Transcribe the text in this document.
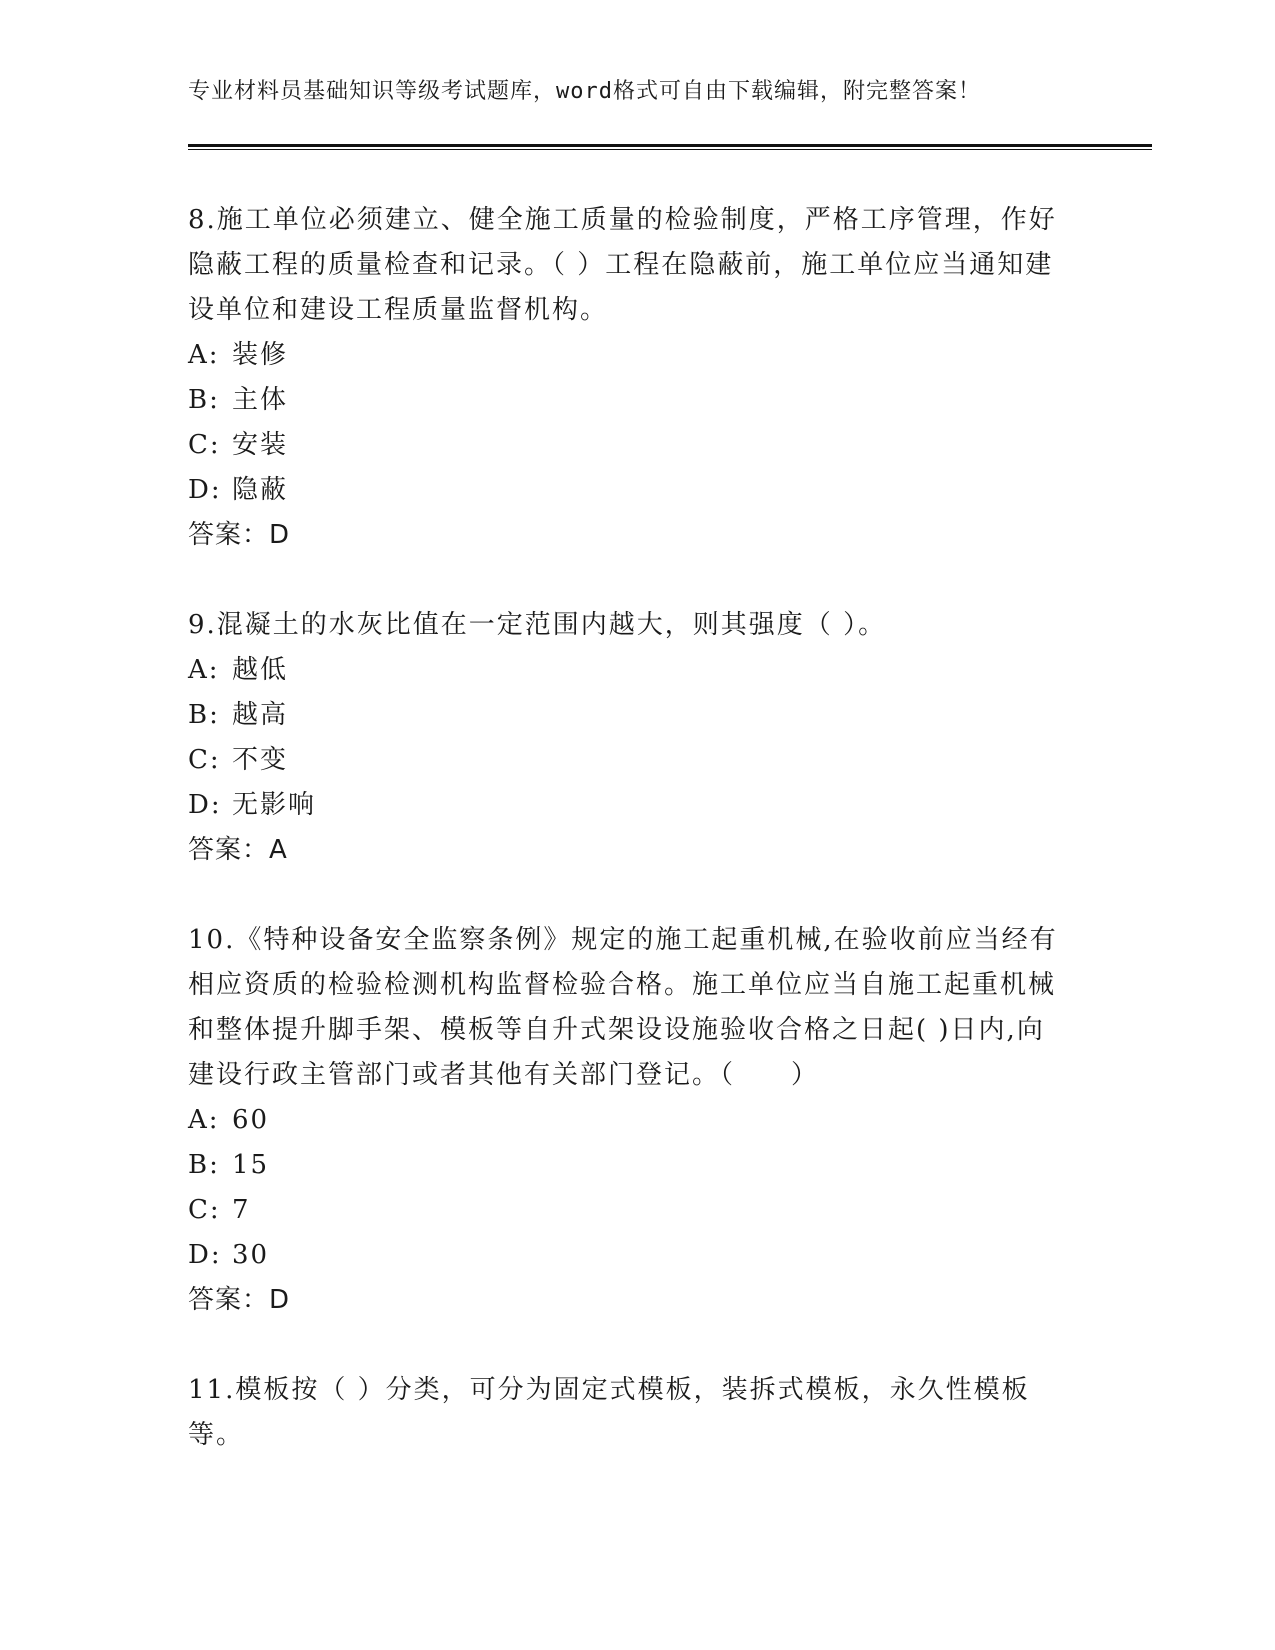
专业材料员基础知识等级考试题库，word格式可自由下载编辑，附完整答案！

8.施工单位必须建立、健全施工质量的检验制度，严格工序管理，作好隐蔽工程的质量检查和记录。（ ）工程在隐蔽前，施工单位应当通知建设单位和建设工程质量监督机构。

A: 装修

B: 主体

C: 安装

D: 隐蔽

答案：D

9.混凝土的水灰比值在一定范围内越大，则其强度（ ）。

A: 越低

B: 越高

C: 不变

D: 无影响

答案：A

10.《特种设备安全监察条例》规定的施工起重机械,在验收前应当经有相应资质的检验检测机构监督检验合格。施工单位应当自施工起重机械和整体提升脚手架、模板等自升式架设设施验收合格之日起( )日内,向建设行政主管部门或者其他有关部门登记。（　　）

A: 60

B: 15

C: 7

D: 30

答案：D

11.模板按（ ）分类，可分为固定式模板，装拆式模板，永久性模板等。
